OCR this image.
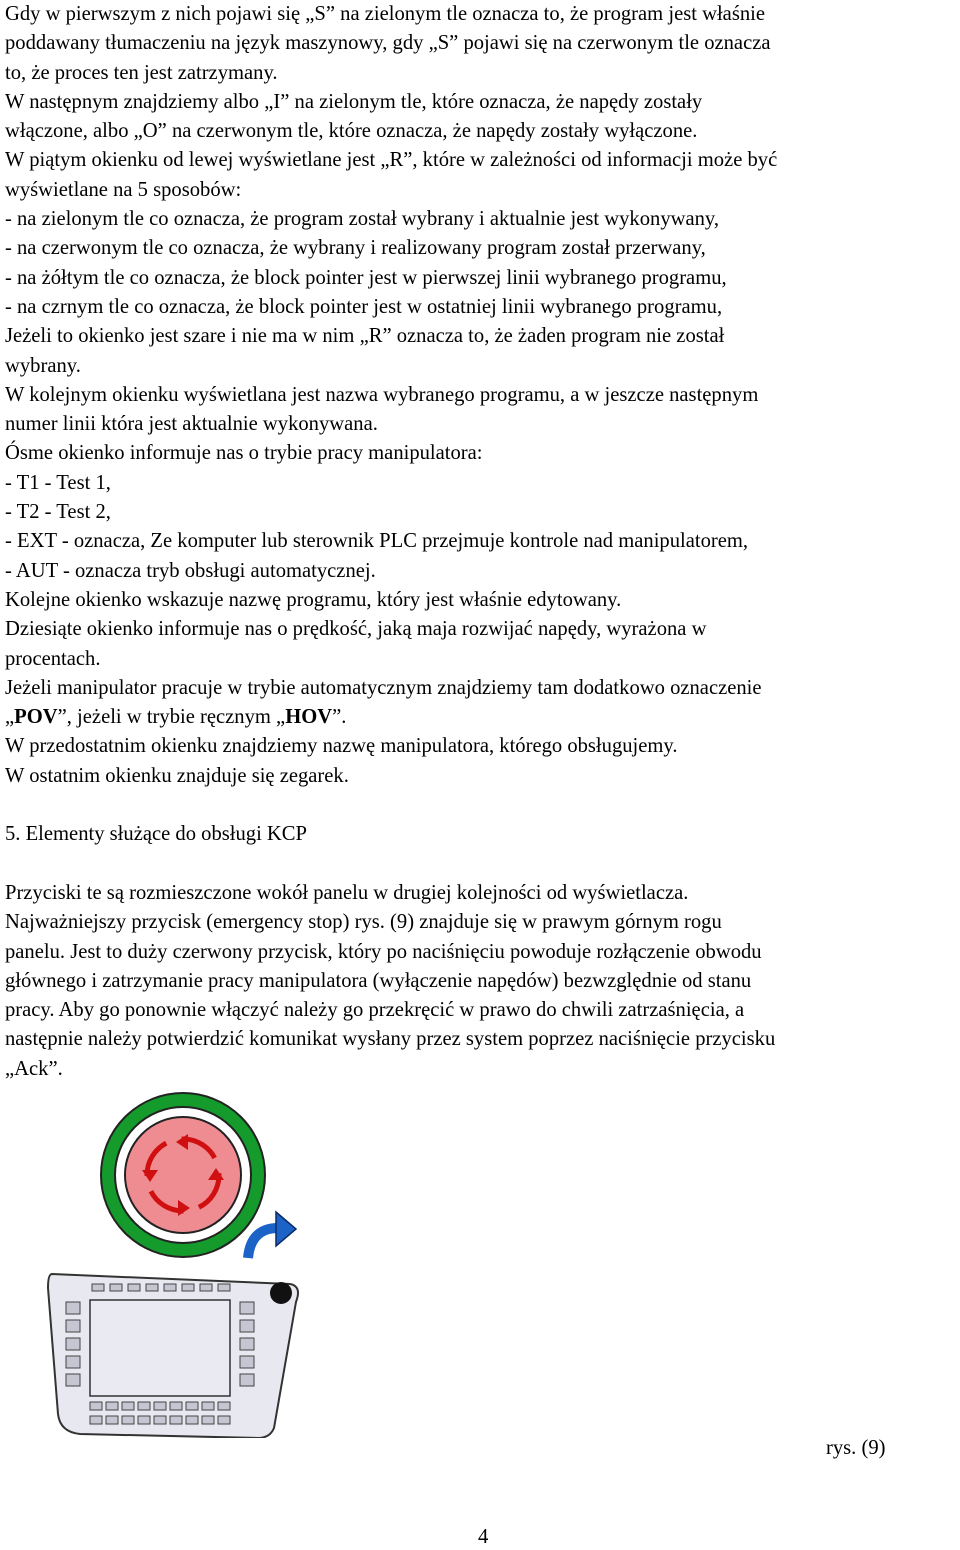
Gdy w pierwszym z nich pojawi się „S” na zielonym tle oznacza to, że program jest właśnie
poddawany tłumaczeniu na język maszynowy, gdy „S” pojawi się na czerwonym tle oznacza
to, że proces ten jest zatrzymany.
W następnym znajdziemy albo „I” na zielonym tle, które oznacza, że napędy zostały
włączone, albo „O” na czerwonym tle, które oznacza, że napędy zostały wyłączone.
W piątym okienku od lewej wyświetlane jest „R”, które w zależności od informacji może być
wyświetlane na 5 sposobów:
- na zielonym tle co oznacza, że program został wybrany i aktualnie jest wykonywany,
- na czerwonym tle co oznacza, że wybrany i realizowany program został przerwany,
- na żółtym tle co oznacza, że block pointer jest w pierwszej linii wybranego programu,
- na czrnym tle co oznacza, że block pointer jest w ostatniej linii wybranego programu,
Jeżeli to okienko jest szare i nie ma w nim „R” oznacza to, że żaden program nie został
wybrany.
W kolejnym okienku wyświetlana jest nazwa wybranego programu, a w jeszcze następnym
numer linii która jest aktualnie wykonywana.
Ósme okienko informuje nas o trybie pracy manipulatora:
- T1 - Test 1,
- T2 - Test 2,
- EXT - oznacza, Ze komputer lub sterownik PLC przejmuje kontrole nad manipulatorem,
- AUT - oznacza tryb obsługi automatycznej.
Kolejne okienko wskazuje nazwę programu, który jest właśnie edytowany.
Dziesiąte okienko informuje nas o prędkość, jaką maja rozwijać napędy, wyrażona w
procentach.
Jeżeli manipulator pracuje w trybie automatycznym znajdziemy tam dodatkowo oznaczenie
„POV”, jeżeli w trybie ręcznym „HOV”.
W przedostatnim okienku znajdziemy nazwę manipulatora, którego obsługujemy.
W ostatnim okienku znajduje się zegarek.
5. Elementy służące do obsługi KCP
Przyciski te są rozmieszczone wokół panelu w drugiej kolejności od wyświetlacza.
Najważniejszy przycisk (emergency stop) rys. (9) znajduje się w prawym górnym rogu
panelu. Jest to duży czerwony przycisk, który po naciśnięciu powoduje rozłączenie obwodu
głównego i zatrzymanie pracy manipulatora (wyłączenie napędów) bezwzględnie od stanu
pracy. Aby go ponownie włączyć należy go przekręcić w prawo do chwili zatrzaśnięcia, a
następnie należy potwierdzić komunikat wysłany przez system poprzez naciśnięcie przycisku
„Ack”.
rys. (9)
4
